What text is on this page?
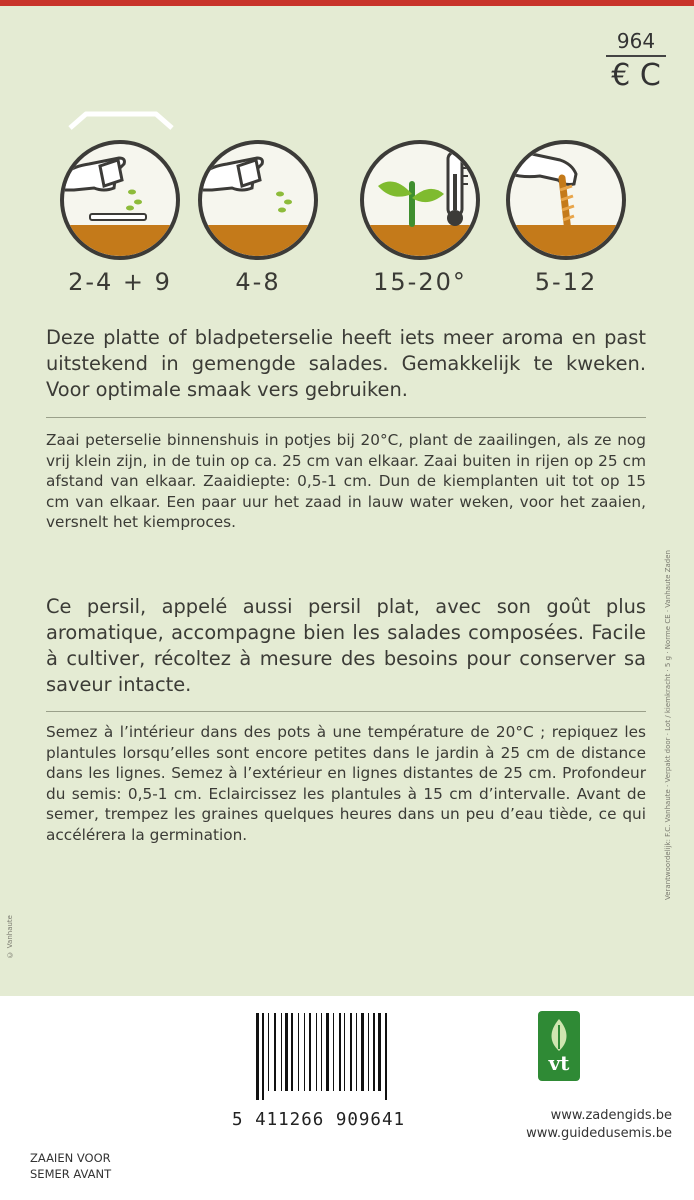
964
€ C
2-4 + 9	4-8	15-20°	5-12

Deze platte of bladpeterselie heeft iets meer aroma en past uitstekend in gemengde salades. Gemakkelijk te kweken. Voor optimale smaak vers gebruiken.

Zaai peterselie binnenshuis in potjes bij 20°C, plant de zaailingen, als ze nog vrij klein zijn, in de tuin op ca. 25 cm van elkaar. Zaai buiten in rijen op 25 cm afstand van elkaar. Zaaidiepte: 0,5-1 cm. Dun de kiemplanten uit tot op 15 cm van elkaar. Een paar uur het zaad in lauw water weken, voor het zaaien, versnelt het kiemproces.

Ce persil, appelé aussi persil plat, avec son goût plus aromatique, accompagne bien les salades composées. Facile à cultiver, récoltez à mesure des besoins pour conserver sa saveur intacte.

Semez à l’intérieur dans des pots à une température de 20°C ; repiquez les plantules lorsqu’elles sont encore petites dans le jardin à 25 cm de distance dans les lignes. Semez à l’extérieur en lignes distantes de 25 cm. Profondeur du semis: 0,5-1 cm. Eclaircissez les plantules à 15 cm d’intervalle. Avant de semer, trempez les graines quelques heures dans un peu d’eau tiède, ce qui accélérera la germination.	Verantwoordelijk: F.C. Vanhaute · Verpakt door · Lot / kiemkracht · 5 g · Norme CE · Vanhaute Zaden
© Vanhaute
5 411266 909641
vt
www.zadengids.be
www.guidedusemis.be
ZAAIEN VOOR
SEMER AVANT
